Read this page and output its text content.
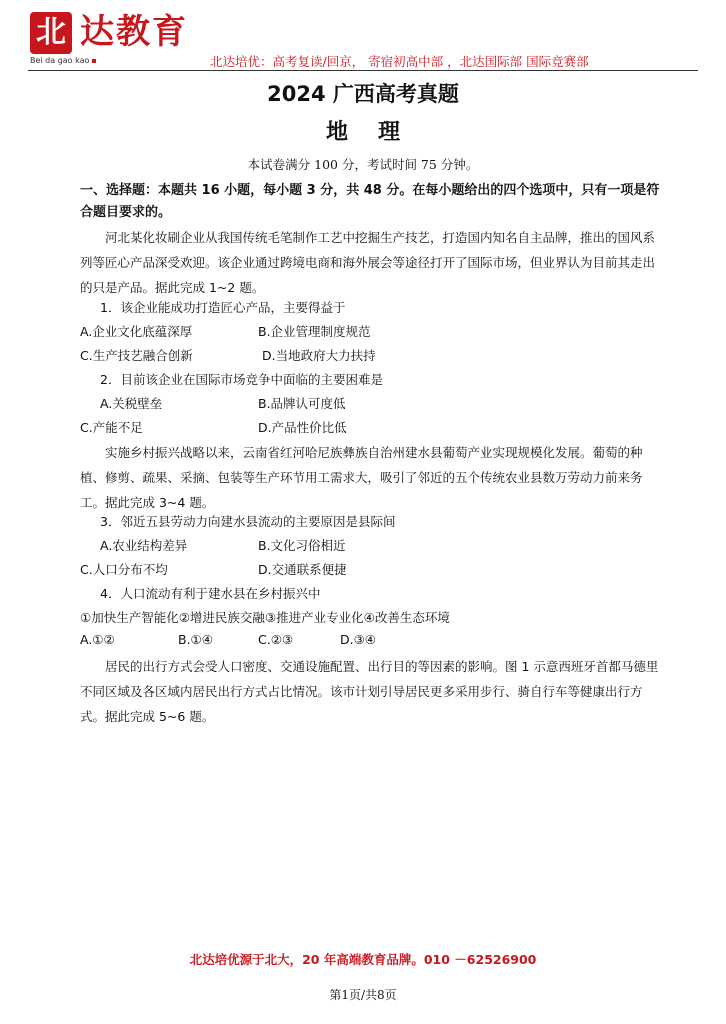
北 达教育
Bei da gao kao	北达培优：高考复读/回京， 寄宿初高中部 ，北达国际部 国际竞赛部
2024 广西高考真题
地理
本试卷满分 100 分，考试时间 75 分钟。
一、选择题：本题共 16 小题，每小题 3 分，共 48 分。在每小题给出的四个选项中，只有一项是符合题目要求的。
河北某化妆刷企业从我国传统毛笔制作工艺中挖掘生产技艺，打造国内知名自主品牌，推出的国风系列等匠心产品深受欢迎。该企业通过跨境电商和海外展会等途径打开了国际市场，但业界认为目前其走出的只是产品。据此完成 1~2 题。
1．该企业能成功打造匠心产品，主要得益于
A.企业文化底蕴深厚	B.企业管理制度规范
C.生产技艺融合创新	D.当地政府大力扶持
2．目前该企业在国际市场竞争中面临的主要困难是
A.关税壁垒	B.品牌认可度低
C.产能不足	D.产品性价比低
实施乡村振兴战略以来，云南省红河哈尼族彝族自治州建水县葡萄产业实现规模化发展。葡萄的种植、修剪、疏果、采摘、包装等生产环节用工需求大，吸引了邻近的五个传统农业县数万劳动力前来务工。据此完成 3~4 题。
3．邻近五县劳动力向建水县流动的主要原因是县际间
A.农业结构差异	B.文化习俗相近
C.人口分布不均	D.交通联系便捷
4．人口流动有利于建水县在乡村振兴中
①加快生产智能化②增进民族交融③推进产业专业化④改善生态环境
A.①②	B.①④	C.②③	D.③④
居民的出行方式会受人口密度、交通设施配置、出行目的等因素的影响。图 1 示意西班牙首都马德里不同区域及各区域内居民出行方式占比情况。该市计划引导居民更多采用步行、骑自行车等健康出行方式。据此完成 5~6 题。
北达培优源于北大，20 年高端教育品牌。010 －62526900
第1页/共8页
